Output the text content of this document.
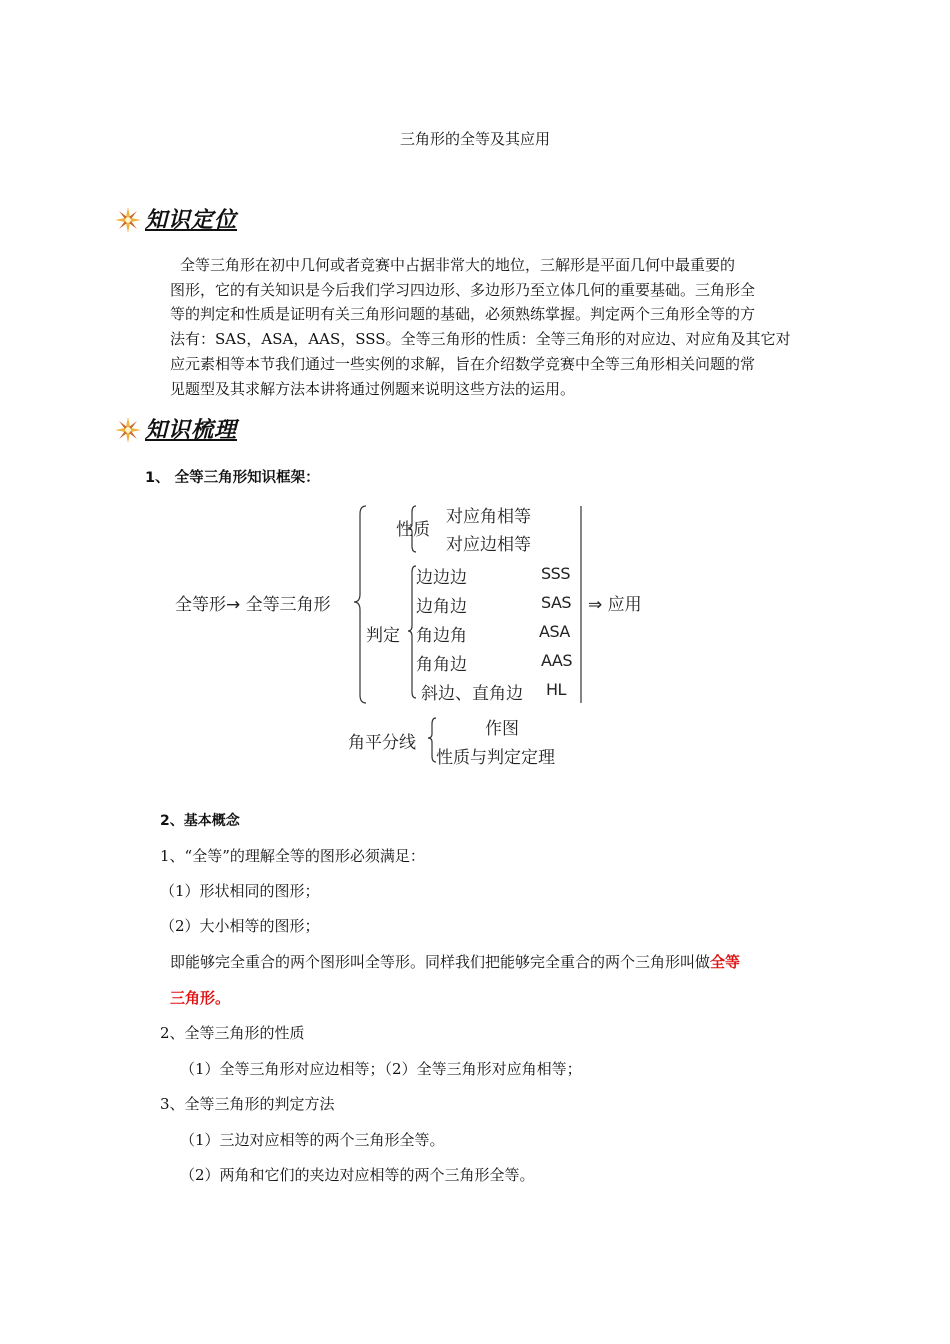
三角形的全等及其应用
知识定位
全等三角形在初中几何或者竞赛中占据非常大的地位，三解形是平面几何中最重要的
图形，它的有关知识是今后我们学习四边形、多边形乃至立体几何的重要基础。三角形全
等的判定和性质是证明有关三角形问题的基础，必须熟练掌握。判定两个三角形全等的方
法有：SAS，ASA，AAS，SSS。全等三角形的性质：全等三角形的对应边、对应角及其它对
应元素相等本节我们通过一些实例的求解，旨在介绍数学竞赛中全等三角形相关问题的常
见题型及其求解方法本讲将通过例题来说明这些方法的运用。
知识梳理
1、 全等三角形知识框架：
全等形→ 全等三角形
性质
对应角相等
对应边相等
判定
边边边	SSS
边角边	SAS
角边角	ASA
角角边	AAS
斜边、直角边 HL
⇒ 应用
角平分线
作图
性质与判定定理
2、基本概念
1、“全等”的理解全等的图形必须满足：
（1）形状相同的图形；
（2）大小相等的图形；
即能够完全重合的两个图形叫全等形。同样我们把能够完全重合的两个三角形叫做全等
三角形。
2、全等三角形的性质
（1）全等三角形对应边相等；（2）全等三角形对应角相等；
3、全等三角形的判定方法
（1）三边对应相等的两个三角形全等。
（2）两角和它们的夹边对应相等的两个三角形全等。
